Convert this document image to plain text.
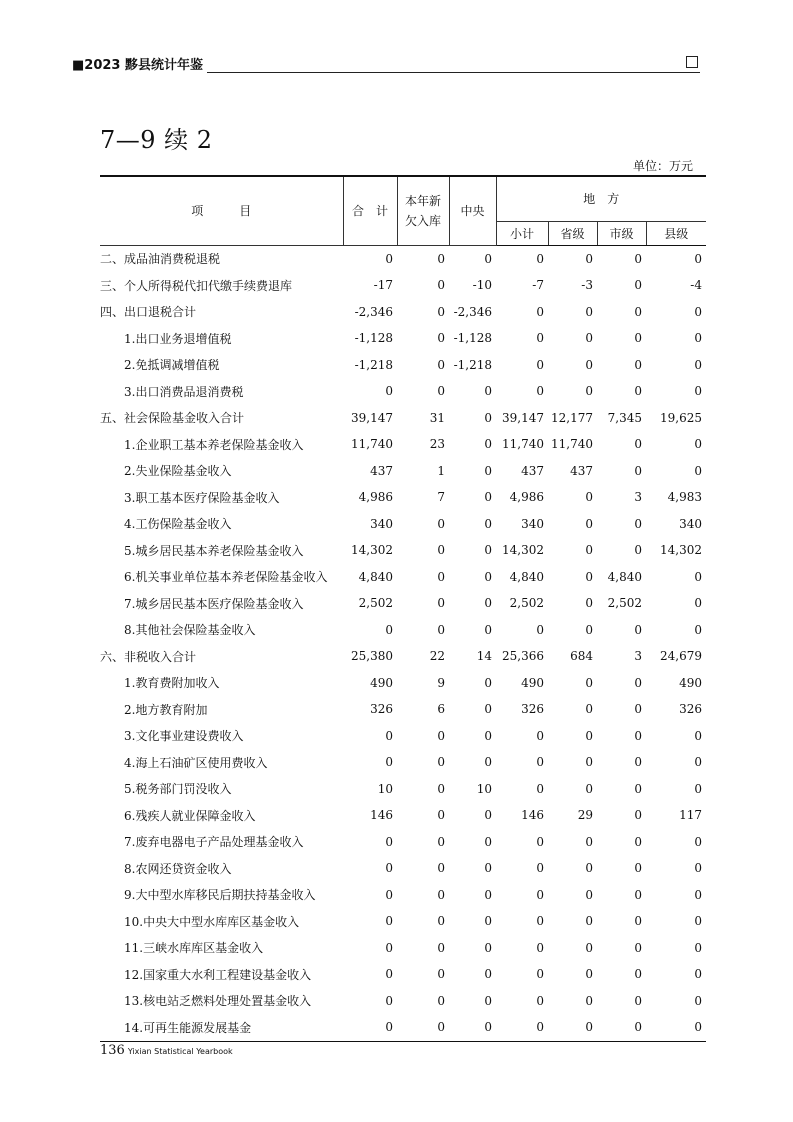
■2023 黟县统计年鉴
7—9 续 2
单位：万元
项　　　目	合　计	本年新欠入库	中央	地　方			
				小计	省级	市级	县级
二、成品油消费税退税	0	0	0	0	0	0	0
三、个人所得税代扣代缴手续费退库	-17	0	-10	-7	-3	0	-4
四、出口退税合计	-2,346	0	-2,346	0	0	0	0
1.出口业务退增值税	-1,128	0	-1,128	0	0	0	0
2.免抵调减增值税	-1,218	0	-1,218	0	0	0	0
3.出口消费品退消费税	0	0	0	0	0	0	0
五、社会保险基金收入合计	39,147	31	0	39,147	12,177	7,345	19,625
1.企业职工基本养老保险基金收入	11,740	23	0	11,740	11,740	0	0
2.失业保险基金收入	437	1	0	437	437	0	0
3.职工基本医疗保险基金收入	4,986	7	0	4,986	0	3	4,983
4.工伤保险基金收入	340	0	0	340	0	0	340
5.城乡居民基本养老保险基金收入	14,302	0	0	14,302	0	0	14,302
6.机关事业单位基本养老保险基金收入	4,840	0	0	4,840	0	4,840	0
7.城乡居民基本医疗保险基金收入	2,502	0	0	2,502	0	2,502	0
8.其他社会保险基金收入	0	0	0	0	0	0	0
六、非税收入合计	25,380	22	14	25,366	684	3	24,679
1.教育费附加收入	490	9	0	490	0	0	490
2.地方教育附加	326	6	0	326	0	0	326
3.文化事业建设费收入	0	0	0	0	0	0	0
4.海上石油矿区使用费收入	0	0	0	0	0	0	0
5.税务部门罚没收入	10	0	10	0	0	0	0
6.残疾人就业保障金收入	146	0	0	146	29	0	117
7.废弃电器电子产品处理基金收入	0	0	0	0	0	0	0
8.农网还贷资金收入	0	0	0	0	0	0	0
9.大中型水库移民后期扶持基金收入	0	0	0	0	0	0	0
10.中央大中型水库库区基金收入	0	0	0	0	0	0	0
11.三峡水库库区基金收入	0	0	0	0	0	0	0
12.国家重大水利工程建设基金收入	0	0	0	0	0	0	0
13.核电站乏燃料处理处置基金收入	0	0	0	0	0	0	0
14.可再生能源发展基金	0	0	0	0	0	0	0
136 Yixian Statistical Yearbook
